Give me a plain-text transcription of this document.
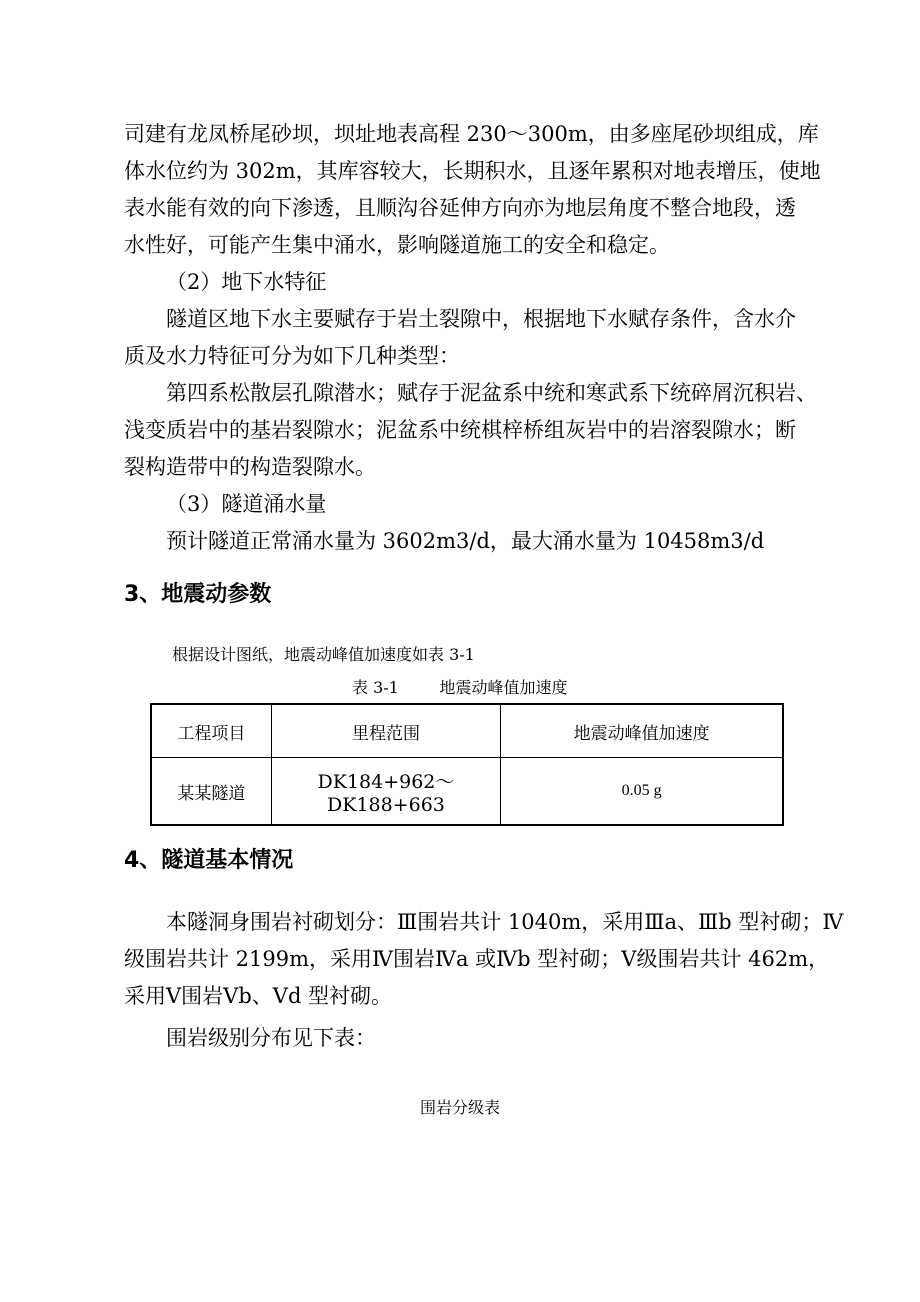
司建有龙凤桥尾砂坝，坝址地表高程 230～300m，由多座尾砂坝组成，库
体水位约为 302m，其库容较大，长期积水，且逐年累积对地表增压，使地
表水能有效的向下渗透，且顺沟谷延伸方向亦为地层角度不整合地段，透
水性好，可能产生集中涌水，影响隧道施工的安全和稳定。
（2）地下水特征
隧道区地下水主要赋存于岩土裂隙中，根据地下水赋存条件，含水介
质及水力特征可分为如下几种类型：
第四系松散层孔隙潜水；赋存于泥盆系中统和寒武系下统碎屑沉积岩、
浅变质岩中的基岩裂隙水；泥盆系中统棋梓桥组灰岩中的岩溶裂隙水；断
裂构造带中的构造裂隙水。
（3）隧道涌水量
预计隧道正常涌水量为 3602m3/d，最大涌水量为 10458m3/d
3、地震动参数
根据设计图纸，地震动峰值加速度如表 3-1
表 3-1        地震动峰值加速度
工程项目	里程范围	地震动峰值加速度
某某隧道	DK184+962～DK188+663	0.05 g
4、隧道基本情况
本隧洞身围岩衬砌划分：Ⅲ围岩共计 1040m，采用Ⅲa、Ⅲb 型衬砌；Ⅳ
级围岩共计 2199m，采用Ⅳ围岩Ⅳa 或Ⅳb 型衬砌；Ⅴ级围岩共计 462m，
采用Ⅴ围岩Ⅴb、Ⅴd 型衬砌。
围岩级别分布见下表：
围岩分级表
